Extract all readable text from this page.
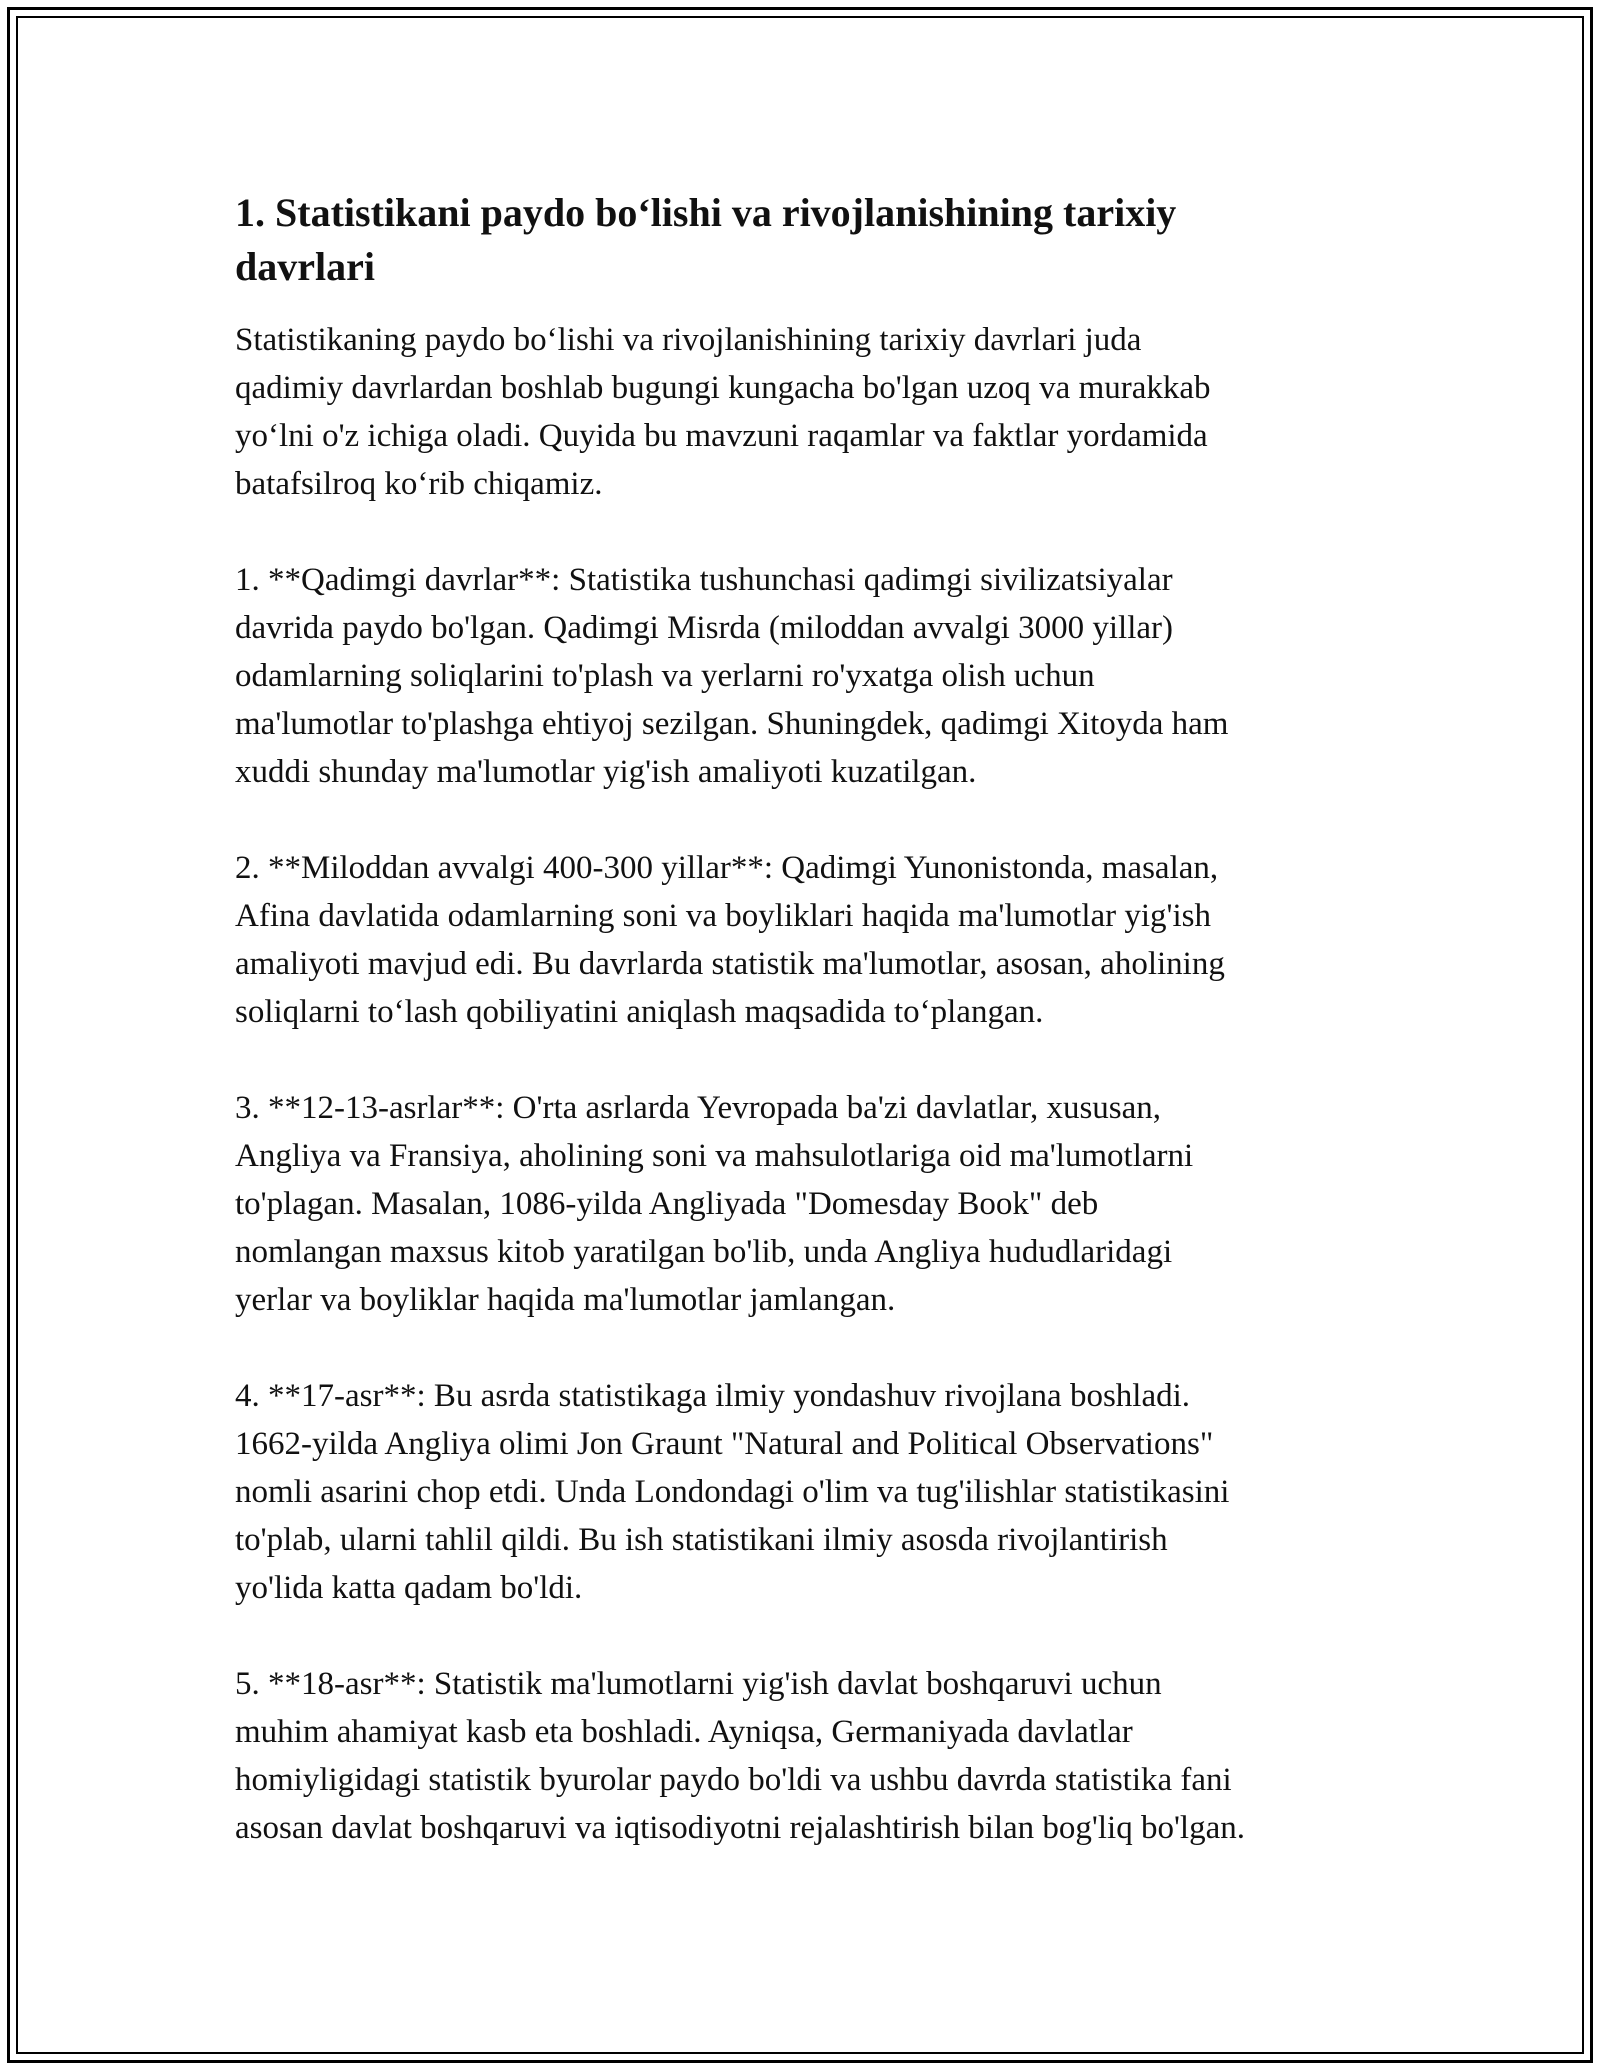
1. Statistikani paydo bo‘lishi va rivojlanishining tarixiy
davrlari

Statistikaning paydo bo‘lishi va rivojlanishining tarixiy davrlari juda
qadimiy davrlardan boshlab bugungi kungacha bo'lgan uzoq va murakkab
yo‘lni o'z ichiga oladi. Quyida bu mavzuni raqamlar va faktlar yordamida
batafsilroq ko‘rib chiqamiz.

1. **Qadimgi davrlar**: Statistika tushunchasi qadimgi sivilizatsiyalar
davrida paydo bo'lgan. Qadimgi Misrda (miloddan avvalgi 3000 yillar)
odamlarning soliqlarini to'plash va yerlarni ro'yxatga olish uchun
ma'lumotlar to'plashga ehtiyoj sezilgan. Shuningdek, qadimgi Xitoyda ham
xuddi shunday ma'lumotlar yig'ish amaliyoti kuzatilgan.

2. **Miloddan avvalgi 400-300 yillar**: Qadimgi Yunonistonda, masalan,
Afina davlatida odamlarning soni va boyliklari haqida ma'lumotlar yig'ish
amaliyoti mavjud edi. Bu davrlarda statistik ma'lumotlar, asosan, aholining
soliqlarni to‘lash qobiliyatini aniqlash maqsadida to‘plangan.

3. **12-13-asrlar**: O'rta asrlarda Yevropada ba'zi davlatlar, xususan,
Angliya va Fransiya, aholining soni va mahsulotlariga oid ma'lumotlarni
to'plagan. Masalan, 1086-yilda Angliyada "Domesday Book" deb
nomlangan maxsus kitob yaratilgan bo'lib, unda Angliya hududlaridagi
yerlar va boyliklar haqida ma'lumotlar jamlangan.

4. **17-asr**: Bu asrda statistikaga ilmiy yondashuv rivojlana boshladi.
1662-yilda Angliya olimi Jon Graunt "Natural and Political Observations"
nomli asarini chop etdi. Unda Londondagi o'lim va tug'ilishlar statistikasini
to'plab, ularni tahlil qildi. Bu ish statistikani ilmiy asosda rivojlantirish
yo'lida katta qadam bo'ldi.

5. **18-asr**: Statistik ma'lumotlarni yig'ish davlat boshqaruvi uchun
muhim ahamiyat kasb eta boshladi. Ayniqsa, Germaniyada davlatlar
homiyligidagi statistik byurolar paydo bo'ldi va ushbu davrda statistika fani
asosan davlat boshqaruvi va iqtisodiyotni rejalashtirish bilan bog'liq bo'lgan.
